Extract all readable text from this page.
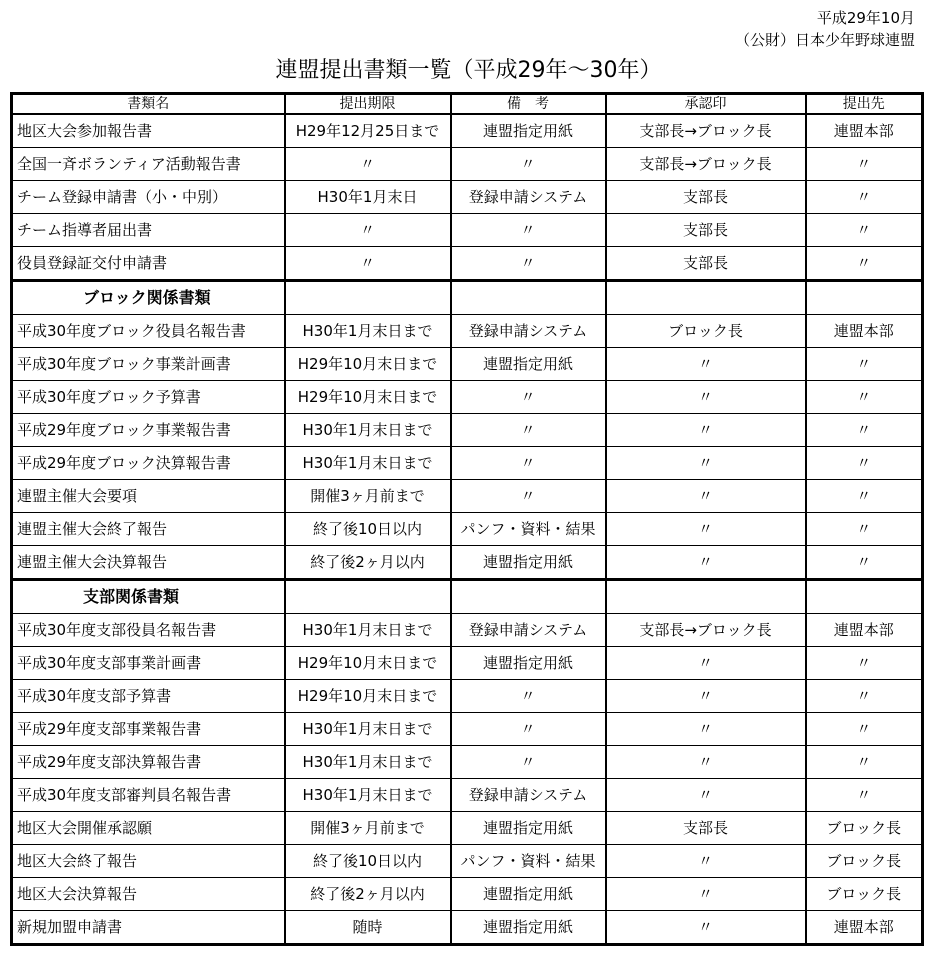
平成29年10月
（公財）日本少年野球連盟
連盟提出書類一覧（平成29年～30年）
書類名	提出期限	備　考	承認印	提出先
地区大会参加報告書	H29年12月25日まで	連盟指定用紙	支部長→ブロック長	連盟本部
全国一斉ボランティア活動報告書	〃	〃	支部長→ブロック長	〃
チーム登録申請書（小・中別）	H30年1月末日	登録申請システム	支部長	〃
チーム指導者届出書	〃	〃	支部長	〃
役員登録証交付申請書	〃	〃	支部長	〃
ブロック関係書類				
平成30年度ブロック役員名報告書	H30年1月末日まで	登録申請システム	ブロック長	連盟本部
平成30年度ブロック事業計画書	H29年10月末日まで	連盟指定用紙	〃	〃
平成30年度ブロック予算書	H29年10月末日まで	〃	〃	〃
平成29年度ブロック事業報告書	H30年1月末日まで	〃	〃	〃
平成29年度ブロック決算報告書	H30年1月末日まで	〃	〃	〃
連盟主催大会要項	開催3ヶ月前まで	〃	〃	〃
連盟主催大会終了報告	終了後10日以内	パンフ・資料・結果	〃	〃
連盟主催大会決算報告	終了後2ヶ月以内	連盟指定用紙	〃	〃
支部関係書類				
平成30年度支部役員名報告書	H30年1月末日まで	登録申請システム	支部長→ブロック長	連盟本部
平成30年度支部事業計画書	H29年10月末日まで	連盟指定用紙	〃	〃
平成30年度支部予算書	H29年10月末日まで	〃	〃	〃
平成29年度支部事業報告書	H30年1月末日まで	〃	〃	〃
平成29年度支部決算報告書	H30年1月末日まで	〃	〃	〃
平成30年度支部審判員名報告書	H30年1月末日まで	登録申請システム	〃	〃
地区大会開催承認願	開催3ヶ月前まで	連盟指定用紙	支部長	ブロック長
地区大会終了報告	終了後10日以内	パンフ・資料・結果	〃	ブロック長
地区大会決算報告	終了後2ヶ月以内	連盟指定用紙	〃	ブロック長
新規加盟申請書	随時	連盟指定用紙	〃	連盟本部
